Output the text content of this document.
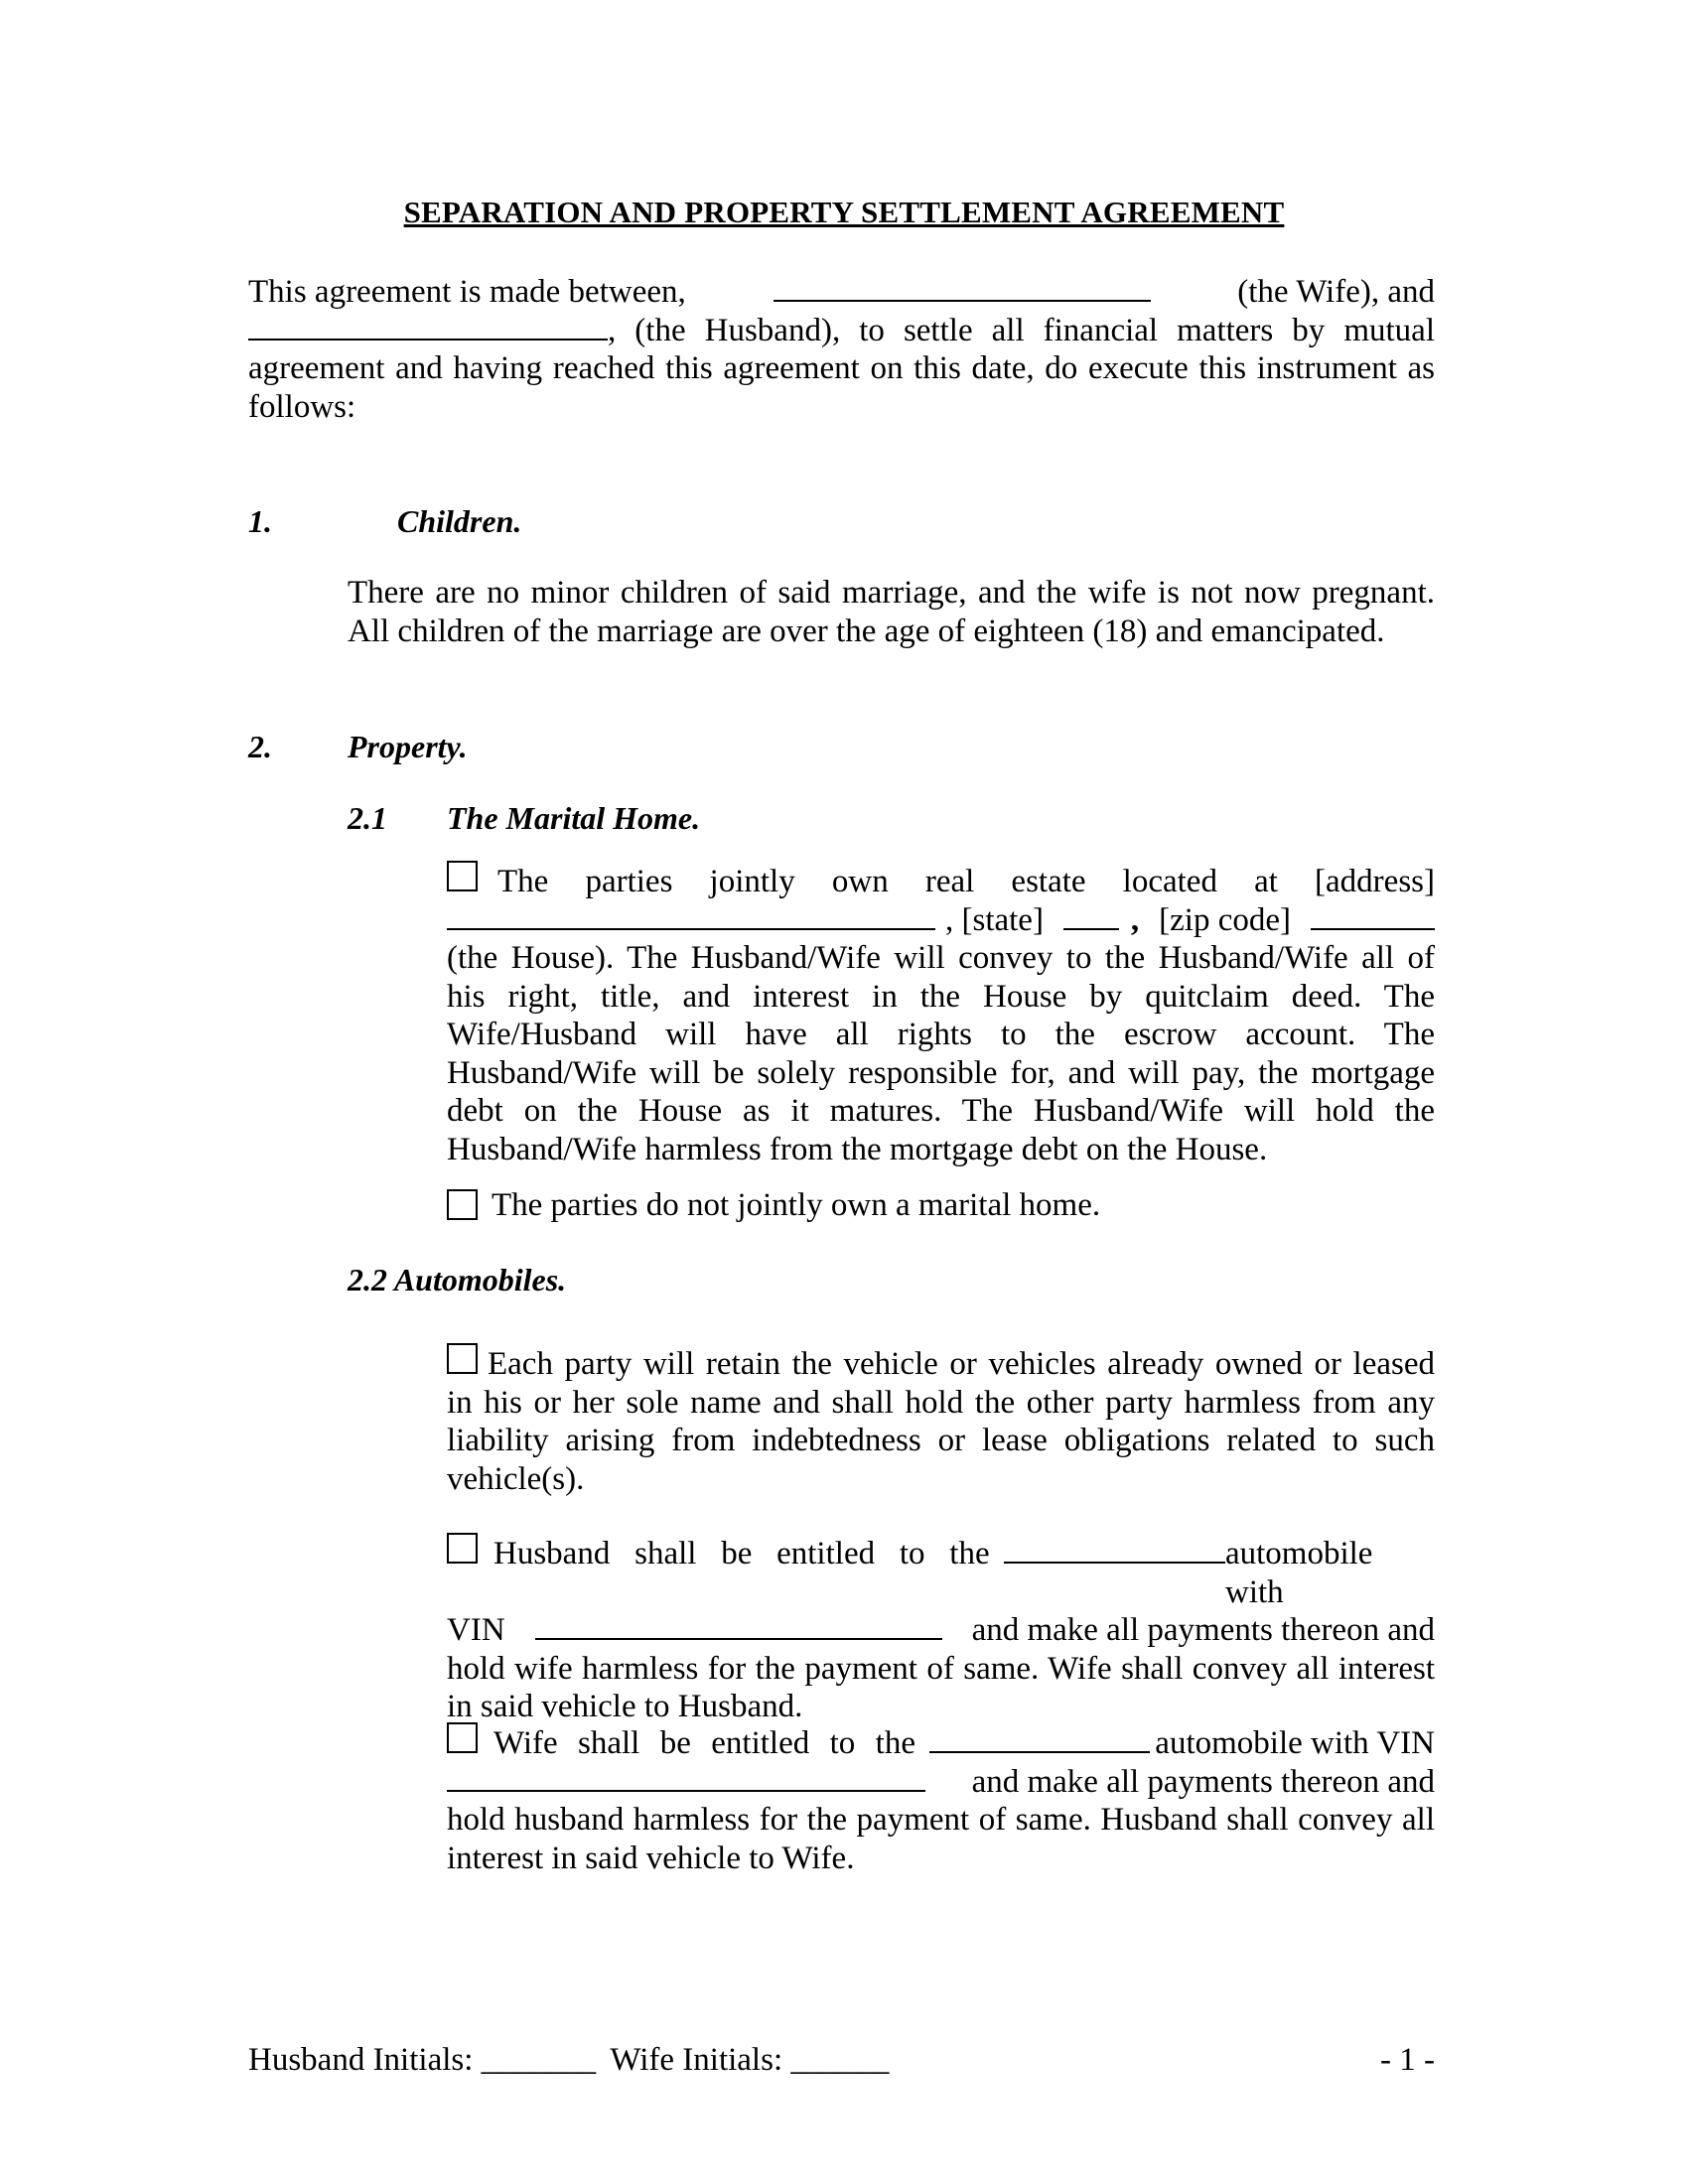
SEPARATION AND PROPERTY SETTLEMENT AGREEMENT
This agreement is made between,	(the Wife), and
, (the Husband), to settle all financial matters by mutual
agreement and having reached this agreement on this date, do execute this instrument as
follows:
1.	Children.
There are no minor children of said marriage, and the wife is not now pregnant.
All children of the marriage are over the age of eighteen (18) and emancipated.
2. Property.
2.1 The Marital Home.
The parties jointly own real estate located at [address]
, [state]	, [zip code]
(the House). The Husband/Wife will convey to the Husband/Wife all of
his right, title, and interest in the House by quitclaim deed. The
Wife/Husband will have all rights to the escrow account. The
Husband/Wife will be solely responsible for, and will pay, the mortgage
debt on the House as it matures. The Husband/Wife will hold the
Husband/Wife harmless from the mortgage debt on the House.
The parties do not jointly own a marital home.
2.2 Automobiles.
Each party will retain the vehicle or vehicles already owned or leased
in his or her sole name and shall hold the other party harmless from any
liability arising from indebtedness or lease obligations related to such
vehicle(s).
Husband shall be entitled to the	automobile with
VIN	and make all payments thereon and
hold wife harmless for the payment of same. Wife shall convey all interest
in said vehicle to Husband.
Wife shall be entitled to the	automobile with VIN
and make all payments thereon and
hold husband harmless for the payment of same. Husband shall convey all
interest in said vehicle to Wife.
Husband Initials: _______ Wife Initials: ______	- 1 -
